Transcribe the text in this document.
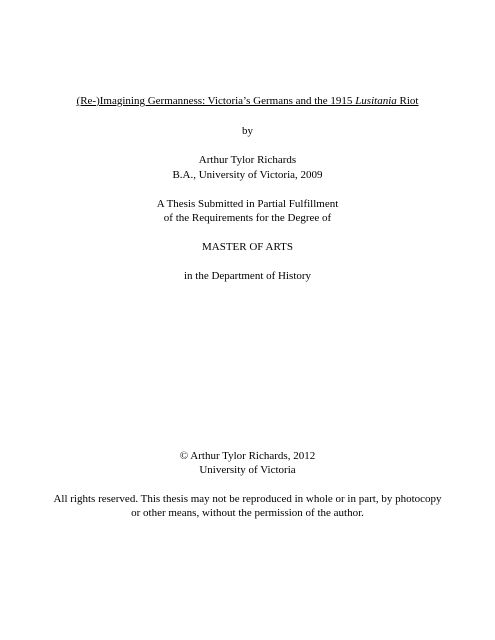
(Re-)Imagining Germanness: Victoria’s Germans and the 1915 Lusitania Riot
by
Arthur Tylor Richards
B.A., University of Victoria, 2009
A Thesis Submitted in Partial Fulfillment
of the Requirements for the Degree of
MASTER OF ARTS
in the Department of History
© Arthur Tylor Richards, 2012
University of Victoria
All rights reserved. This thesis may not be reproduced in whole or in part, by photocopy
or other means, without the permission of the author.
